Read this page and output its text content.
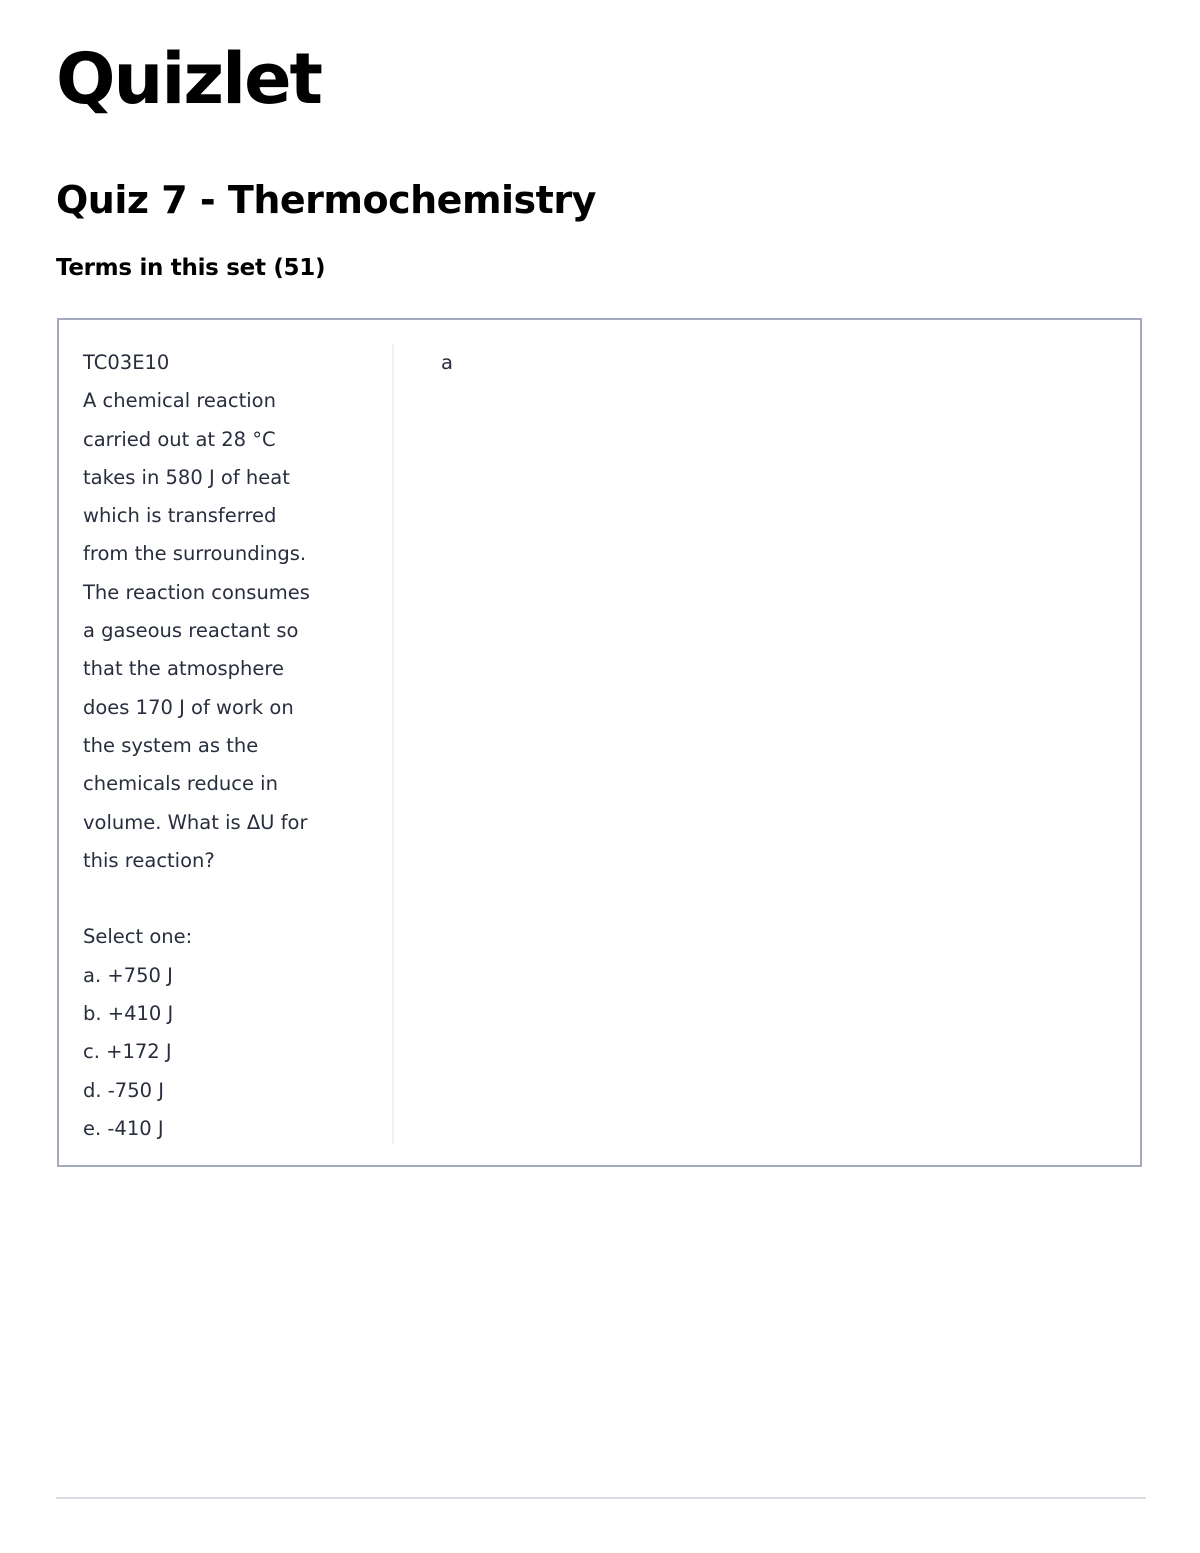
Quizlet
Quiz 7 - Thermochemistry
Terms in this set (51)
TC03E10
A chemical reaction
carried out at 28 °C
takes in 580 J of heat
which is transferred
from the surroundings.
The reaction consumes
a gaseous reactant so
that the atmosphere
does 170 J of work on
the system as the
chemicals reduce in
volume. What is ΔU for
this reaction?

Select one:
a. +750 J
b. +410 J
c. +172 J
d. -750 J
e. -410 J
a
